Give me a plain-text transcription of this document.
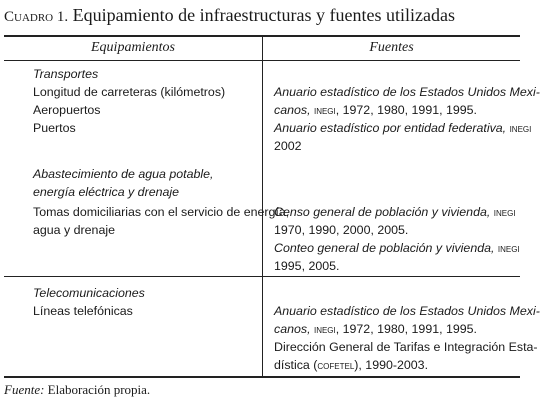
Cuadro 1. Equipamiento de infraestructuras y fuentes utilizadas
Equipamientos	Fuentes
Transportes
Longitud de carreteras (kilómetros)
Aeropuertos
Puertos
Anuario estadístico de los Estados Unidos Mexi-
canos, inegi, 1972, 1980, 1991, 1995.
Anuario estadístico por entidad federativa, inegi
2002
Abastecimiento de agua potable,
energía eléctrica y drenaje
Tomas domiciliarias con el servicio de energía,
agua y drenaje
Censo general de población y vivienda, inegi
1970, 1990, 2000, 2005.
Conteo general de población y vivienda, inegi
1995, 2005.
Telecomunicaciones
Líneas telefónicas	Anuario estadístico de los Estados Unidos Mexi-
canos, inegi, 1972, 1980, 1991, 1995.
Dirección General de Tarifas e Integración Esta-
dística (cofetel), 1990-2003.
Fuente: Elaboración propia.
